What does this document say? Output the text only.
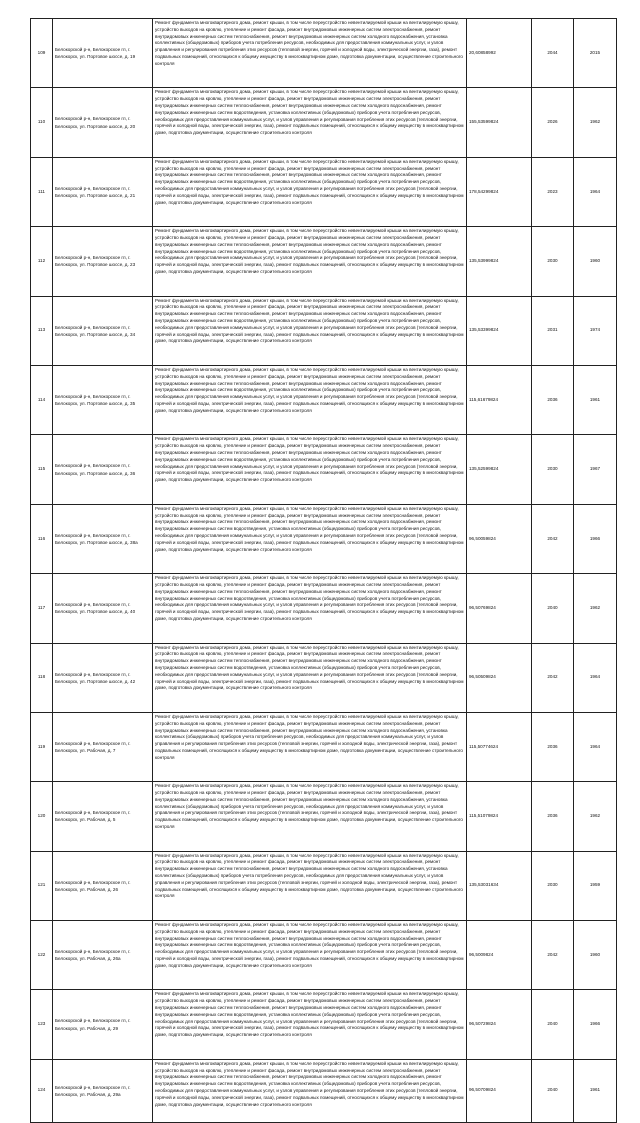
109	Белокорской р-н, Белокорское гп, г. Белокорск, ул. Портовое шоссе, д. 19	Ремонт фундамента многоквартирного дома, ремонт крыши, в том числе переустройство невентилируемой крыши на вентилируемую крышу, устройство выходов на кровлю, утепление и ремонт фасада, ремонт внутридомовых инженерных систем электроснабжения, ремонт внутридомовых инженерных систем теплоснабжения, ремонт внутридомовых инженерных систем холодного водоснабжения, установка коллективных (общедомовых) приборов учета потребления ресурсов, необходимых для предоставления коммунальных услуг, и узлов управления и регулирования потребления этих ресурсов (тепловой энергии, горячей и холодной воды, электрической энергии, газа), ремонт подвальных помещений, относящихся к общему имуществу в многоквартирном доме, подготовка документации, осуществление строительного контроля	20,60858992	2044	2015
110	Белокорской р-н, Белокорское гп, г. Белокорск, ул. Портовое шоссе, д. 20	Ремонт фундамента многоквартирного дома, ремонт крыши, в том числе переустройство невентилируемой крыши на вентилируемую крышу, устройство выходов на кровлю, утепление и ремонт фасада, ремонт внутридомовых инженерных систем электроснабжения, ремонт внутридомовых инженерных систем теплоснабжения, ремонт внутридомовых инженерных систем холодного водоснабжения, ремонт внутридомовых инженерных систем водоотведения, установка коллективных (общедомовых) приборов учета потребления ресурсов, необходимых для предоставления коммунальных услуг, и узлов управления и регулирования потребления этих ресурсов (тепловой энергии, горячей и холодной воды, электрической энергии, газа), ремонт подвальных помещений, относящихся к общему имуществу в многоквартирном доме, подготовка документации, осуществление строительного контроля	155,53599824	2026	1962
111	Белокорской р-н, Белокорское гп, г. Белокорск, ул. Портовое шоссе, д. 21	Ремонт фундамента многоквартирного дома, ремонт крыши, в том числе переустройство невентилируемой крыши на вентилируемую крышу, устройство выходов на кровлю, утепление и ремонт фасада, ремонт внутридомовых инженерных систем электроснабжения, ремонт внутридомовых инженерных систем теплоснабжения, ремонт внутридомовых инженерных систем холодного водоснабжения, ремонт внутридомовых инженерных систем водоотведения, установка коллективных (общедомовых) приборов учета потребления ресурсов, необходимых для предоставления коммунальных услуг, и узлов управления и регулирования потребления этих ресурсов (тепловой энергии, горячей и холодной воды, электрической энергии, газа), ремонт подвальных помещений, относящихся к общему имуществу в многоквартирном доме, подготовка документации, осуществление строительного контроля	178,54299824	2023	1964
112	Белокорской р-н, Белокорское гп, г. Белокорск, ул. Портовое шоссе, д. 23	Ремонт фундамента многоквартирного дома, ремонт крыши, в том числе переустройство невентилируемой крыши на вентилируемую крышу, устройство выходов на кровлю, утепление и ремонт фасада, ремонт внутридомовых инженерных систем электроснабжения, ремонт внутридомовых инженерных систем теплоснабжения, ремонт внутридомовых инженерных систем холодного водоснабжения, ремонт внутридомовых инженерных систем водоотведения, установка коллективных (общедомовых) приборов учета потребления ресурсов, необходимых для предоставления коммунальных услуг, и узлов управления и регулирования потребления этих ресурсов (тепловой энергии, горячей и холодной воды, электрической энергии, газа), ремонт подвальных помещений, относящихся к общему имуществу в многоквартирном доме, подготовка документации, осуществление строительного контроля	135,53999824	2030	1960
113	Белокорской р-н, Белокорское гп, г. Белокорск, ул. Портовое шоссе, д. 34	Ремонт фундамента многоквартирного дома, ремонт крыши, в том числе переустройство невентилируемой крыши на вентилируемую крышу, устройство выходов на кровлю, утепление и ремонт фасада, ремонт внутридомовых инженерных систем электроснабжения, ремонт внутридомовых инженерных систем теплоснабжения, ремонт внутридомовых инженерных систем холодного водоснабжения, ремонт внутридомовых инженерных систем водоотведения, установка коллективных (общедомовых) приборов учета потребления ресурсов, необходимых для предоставления коммунальных услуг, и узлов управления и регулирования потребления этих ресурсов (тепловой энергии, горячей и холодной воды, электрической энергии, газа), ремонт подвальных помещений, относящихся к общему имуществу в многоквартирном доме, подготовка документации, осуществление строительного контроля	135,53399824	2031	1974
114	Белокорской р-н, Белокорское гп, г. Белокорск, ул. Портовое шоссе, д. 35	Ремонт фундамента многоквартирного дома, ремонт крыши, в том числе переустройство невентилируемой крыши на вентилируемую крышу, устройство выходов на кровлю, утепление и ремонт фасада, ремонт внутридомовых инженерных систем электроснабжения, ремонт внутридомовых инженерных систем теплоснабжения, ремонт внутридомовых инженерных систем холодного водоснабжения, ремонт внутридомовых инженерных систем водоотведения, установка коллективных (общедомовых) приборов учета потребления ресурсов, необходимых для предоставления коммунальных услуг, и узлов управления и регулирования потребления этих ресурсов (тепловой энергии, горячей и холодной воды, электрической энергии, газа), ремонт подвальных помещений, относящихся к общему имуществу в многоквартирном доме, подготовка документации, осуществление строительного контроля	115,61679824	2036	1961
115	Белокорской р-н, Белокорское гп, г. Белокорск, ул. Портовое шоссе, д. 36	Ремонт фундамента многоквартирного дома, ремонт крыши, в том числе переустройство невентилируемой крыши на вентилируемую крышу, устройство выходов на кровлю, утепление и ремонт фасада, ремонт внутридомовых инженерных систем электроснабжения, ремонт внутридомовых инженерных систем теплоснабжения, ремонт внутридомовых инженерных систем холодного водоснабжения, ремонт внутридомовых инженерных систем водоотведения, установка коллективных (общедомовых) приборов учета потребления ресурсов, необходимых для предоставления коммунальных услуг, и узлов управления и регулирования потребления этих ресурсов (тепловой энергии, горячей и холодной воды, электрической энергии, газа), ремонт подвальных помещений, относящихся к общему имуществу в многоквартирном доме, подготовка документации, осуществление строительного контроля	135,52599824	2030	1967
116	Белокорской р-н, Белокорское гп, г. Белокорск, ул. Портовое шоссе, д. 38а	Ремонт фундамента многоквартирного дома, ремонт крыши, в том числе переустройство невентилируемой крыши на вентилируемую крышу, устройство выходов на кровлю, утепление и ремонт фасада, ремонт внутридомовых инженерных систем электроснабжения, ремонт внутридомовых инженерных систем теплоснабжения, ремонт внутридомовых инженерных систем холодного водоснабжения, ремонт внутридомовых инженерных систем водоотведения, установка коллективных (общедомовых) приборов учета потребления ресурсов, необходимых для предоставления коммунальных услуг, и узлов управления и регулирования потребления этих ресурсов (тепловой энергии, горячей и холодной воды, электрической энергии, газа), ремонт подвальных помещений, относящихся к общему имуществу в многоквартирном доме, подготовка документации, осуществление строительного контроля	96,50059824	2042	1966
117	Белокорской р-н, Белокорское гп, г. Белокорск, ул. Портовое шоссе, д. 40	Ремонт фундамента многоквартирного дома, ремонт крыши, в том числе переустройство невентилируемой крыши на вентилируемую крышу, устройство выходов на кровлю, утепление и ремонт фасада, ремонт внутридомовых инженерных систем электроснабжения, ремонт внутридомовых инженерных систем теплоснабжения, ремонт внутридомовых инженерных систем холодного водоснабжения, ремонт внутридомовых инженерных систем водоотведения, установка коллективных (общедомовых) приборов учета потребления ресурсов, необходимых для предоставления коммунальных услуг, и узлов управления и регулирования потребления этих ресурсов (тепловой энергии, горячей и холодной воды, электрической энергии, газа), ремонт подвальных помещений, относящихся к общему имуществу в многоквартирном доме, подготовка документации, осуществление строительного контроля	96,50769824	2040	1962
118	Белокорской р-н, Белокорское гп, г. Белокорск, ул. Портовое шоссе, д. 42	Ремонт фундамента многоквартирного дома, ремонт крыши, в том числе переустройство невентилируемой крыши на вентилируемую крышу, устройство выходов на кровлю, утепление и ремонт фасада, ремонт внутридомовых инженерных систем электроснабжения, ремонт внутридомовых инженерных систем теплоснабжения, ремонт внутридомовых инженерных систем холодного водоснабжения, ремонт внутридомовых инженерных систем водоотведения, установка коллективных (общедомовых) приборов учета потребления ресурсов, необходимых для предоставления коммунальных услуг, и узлов управления и регулирования потребления этих ресурсов (тепловой энергии, горячей и холодной воды, электрической энергии, газа), ремонт подвальных помещений, относящихся к общему имуществу в многоквартирном доме, подготовка документации, осуществление строительного контроля	96,50509824	2042	1964
119	Белокорской р-н, Белокорское гп, г. Белокорск, ул. Рабочая, д. 7	Ремонт фундамента многоквартирного дома, ремонт крыши, в том числе переустройство невентилируемой крыши на вентилируемую крышу, устройство выходов на кровлю, утепление и ремонт фасада, ремонт внутридомовых инженерных систем электроснабжения, ремонт внутридомовых инженерных систем теплоснабжения, ремонт внутридомовых инженерных систем холодного водоснабжения, установка коллективных (общедомовых) приборов учета потребления ресурсов, необходимых для предоставления коммунальных услуг, и узлов управления и регулирования потребления этих ресурсов (тепловой энергии, горячей и холодной воды, электрической энергии, газа), ремонт подвальных помещений, относящихся к общему имуществу в многоквартирном доме, подготовка документации, осуществление строительного контроля	115,50774624	2036	1964
120	Белокорской р-н, Белокорское гп, г. Белокорск, ул. Рабочая, д. 5	Ремонт фундамента многоквартирного дома, ремонт крыши, в том числе переустройство невентилируемой крыши на вентилируемую крышу, устройство выходов на кровлю, утепление и ремонт фасада, ремонт внутридомовых инженерных систем электроснабжения, ремонт внутридомовых инженерных систем теплоснабжения, ремонт внутридомовых инженерных систем холодного водоснабжения, установка коллективных (общедомовых) приборов учета потребления ресурсов, необходимых для предоставления коммунальных услуг, и узлов управления и регулирования потребления этих ресурсов (тепловой энергии, горячей и холодной воды, электрической энергии, газа), ремонт подвальных помещений, относящихся к общему имуществу в многоквартирном доме, подготовка документации, осуществление строительного контроля	115,51079824	2036	1962
121	Белокорской р-н, Белокорское гп, г. Белокорск, ул. Рабочая, д. 26	Ремонт фундамента многоквартирного дома, ремонт крыши, в том числе переустройство невентилируемой крыши на вентилируемую крышу, устройство выходов на кровлю, утепление и ремонт фасада, ремонт внутридомовых инженерных систем электроснабжения, ремонт внутридомовых инженерных систем теплоснабжения, ремонт внутридомовых инженерных систем холодного водоснабжения, установка коллективных (общедомовых) приборов учета потребления ресурсов, необходимых для предоставления коммунальных услуг, и узлов управления и регулирования потребления этих ресурсов (тепловой энергии, горячей и холодной воды, электрической энергии, газа), ремонт подвальных помещений, относящихся к общему имуществу в многоквартирном доме, подготовка документации, осуществление строительного контроля	135,53031634	2030	1959
122	Белокорской р-н, Белокорское гп, г. Белокорск, ул. Рабочая, д. 26а	Ремонт фундамента многоквартирного дома, ремонт крыши, в том числе переустройство невентилируемой крыши на вентилируемую крышу, устройство выходов на кровлю, утепление и ремонт фасада, ремонт внутридомовых инженерных систем электроснабжения, ремонт внутридомовых инженерных систем теплоснабжения, ремонт внутридомовых инженерных систем холодного водоснабжения, ремонт внутридомовых инженерных систем водоотведения, установка коллективных (общедомовых) приборов учета потребления ресурсов, необходимых для предоставления коммунальных услуг, и узлов управления и регулирования потребления этих ресурсов (тепловой энергии, горячей и холодной воды, электрической энергии, газа), ремонт подвальных помещений, относящихся к общему имуществу в многоквартирном доме, подготовка документации, осуществление строительного контроля	96,5009824	2042	1960
123	Белокорской р-н, Белокорское гп, г. Белокорск, ул. Рабочая, д. 29	Ремонт фундамента многоквартирного дома, ремонт крыши, в том числе переустройство невентилируемой крыши на вентилируемую крышу, устройство выходов на кровлю, утепление и ремонт фасада, ремонт внутридомовых инженерных систем электроснабжения, ремонт внутридомовых инженерных систем теплоснабжения, ремонт внутридомовых инженерных систем холодного водоснабжения, ремонт внутридомовых инженерных систем водоотведения, установка коллективных (общедомовых) приборов учета потребления ресурсов, необходимых для предоставления коммунальных услуг, и узлов управления и регулирования потребления этих ресурсов (тепловой энергии, горячей и холодной воды, электрической энергии, газа), ремонт подвальных помещений, относящихся к общему имуществу в многоквартирном доме, подготовка документации, осуществление строительного контроля	96,50729824	2040	1966
124	Белокорской р-н, Белокорское гп, г. Белокорск, ул. Рабочая, д. 29а	Ремонт фундамента многоквартирного дома, ремонт крыши, в том числе переустройство невентилируемой крыши на вентилируемую крышу, устройство выходов на кровлю, утепление и ремонт фасада, ремонт внутридомовых инженерных систем электроснабжения, ремонт внутридомовых инженерных систем теплоснабжения, ремонт внутридомовых инженерных систем холодного водоснабжения, ремонт внутридомовых инженерных систем водоотведения, установка коллективных (общедомовых) приборов учета потребления ресурсов, необходимых для предоставления коммунальных услуг, и узлов управления и регулирования потребления этих ресурсов (тепловой энергии, горячей и холодной воды, электрической энергии, газа), ремонт подвальных помещений, относящихся к общему имуществу в многоквартирном доме, подготовка документации, осуществление строительного контроля	96,50709824	2040	1961
